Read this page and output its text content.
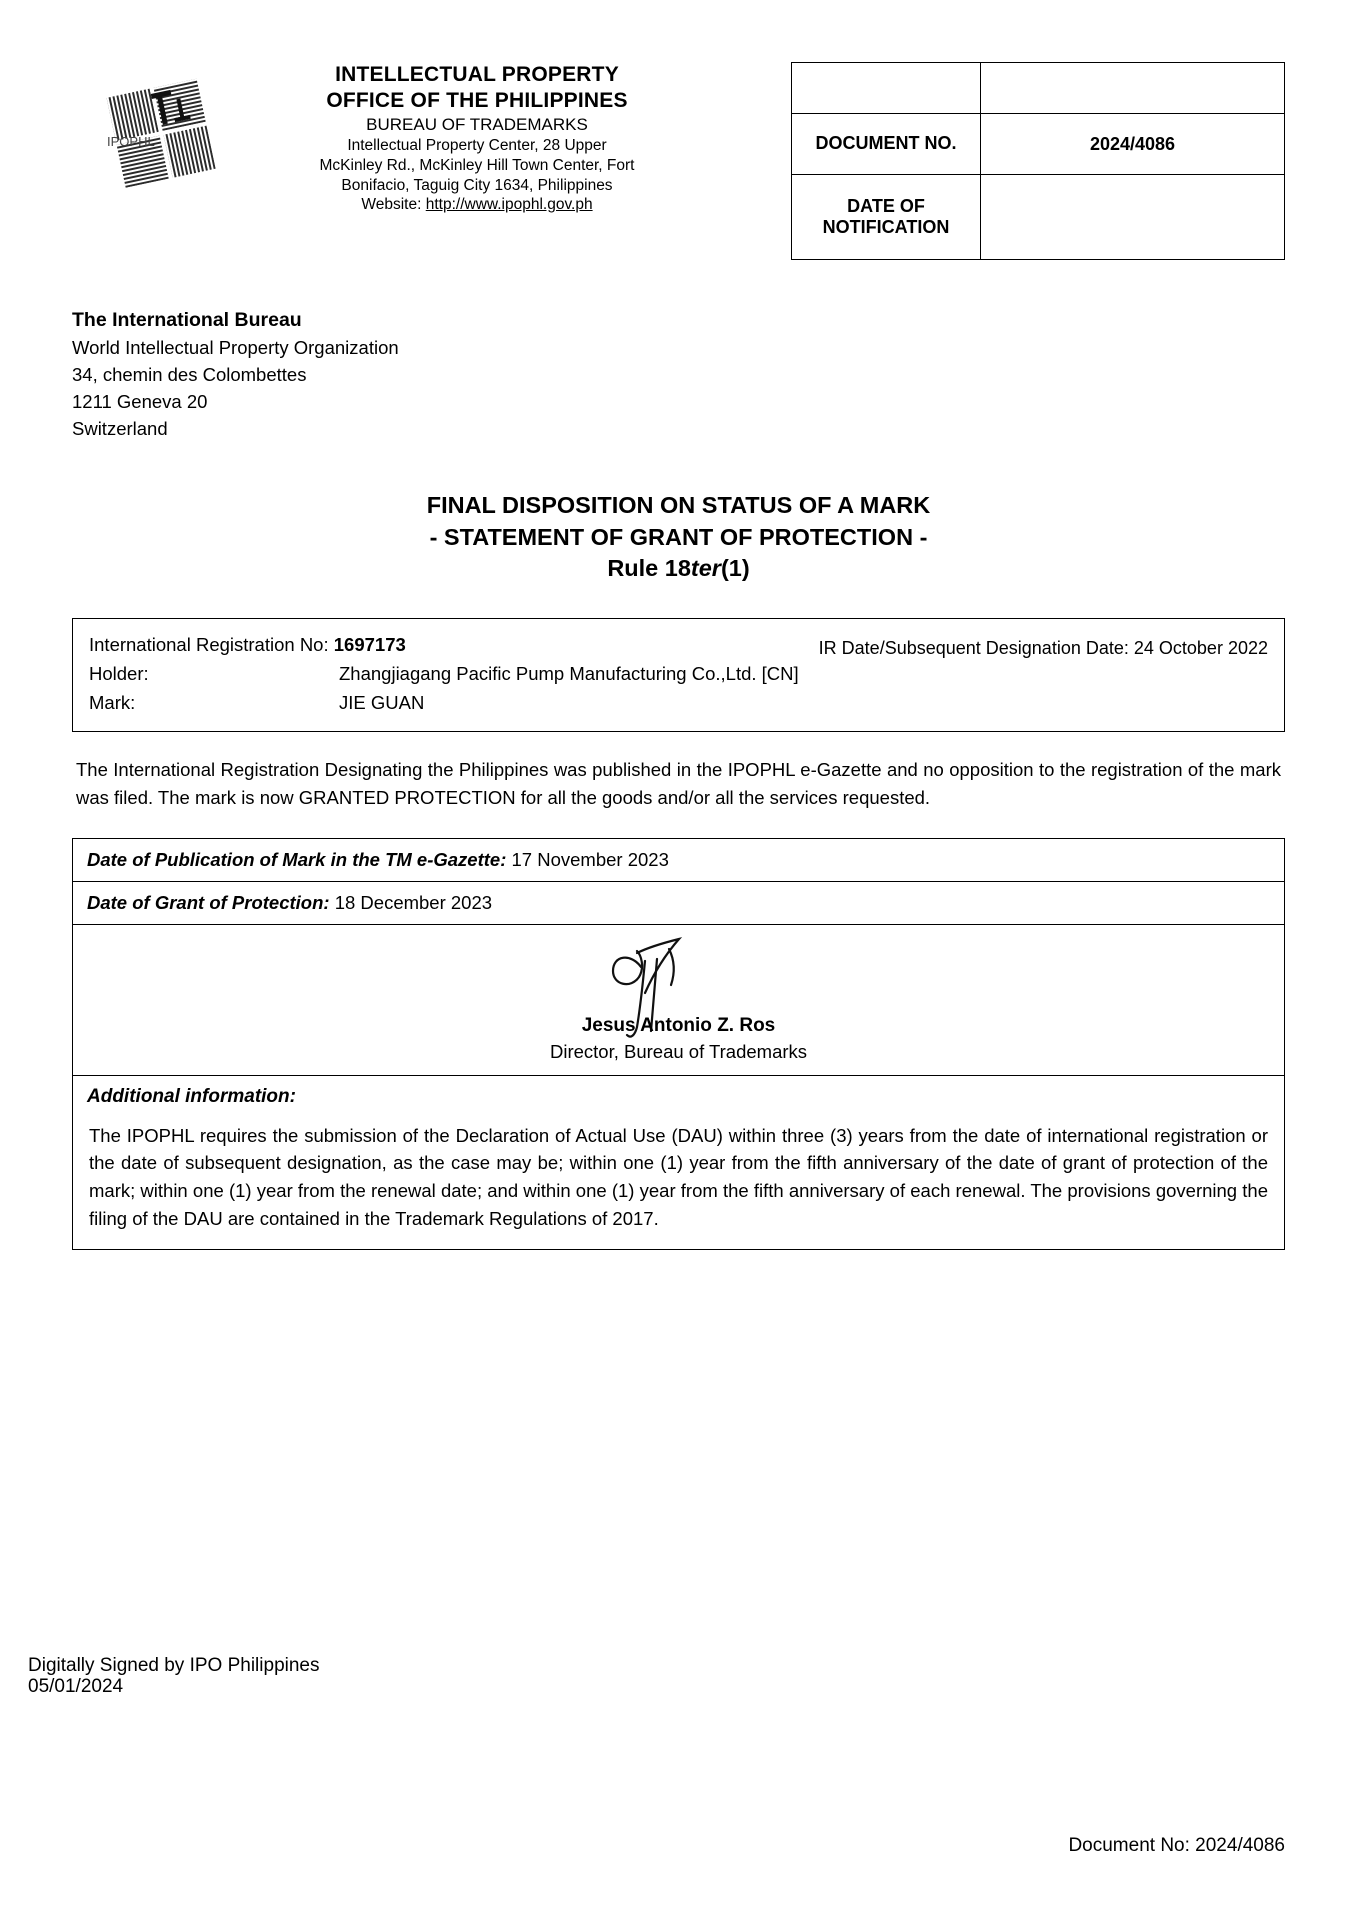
IPOPHL
INTELLECTUAL PROPERTY
OFFICE OF THE PHILIPPINES
BUREAU OF TRADEMARKS
Intellectual Property Center, 28 Upper
McKinley Rd., McKinley Hill Town Center, Fort
Bonifacio, Taguig City 1634, Philippines
Website: http://www.ipophl.gov.ph

DOCUMENT NO.	2024/4086
DATE OF NOTIFICATION	
The International Bureau
World Intellectual Property Organization
34, chemin des Colombettes
1211 Geneva 20
Switzerland
FINAL DISPOSITION ON STATUS OF A MARK
- STATEMENT OF GRANT OF PROTECTION -
Rule 18ter(1)
International Registration No: 1697173	IR Date/Subsequent Designation Date: 24 October 2022
Holder:	Zhangjiagang Pacific Pump Manufacturing Co.,Ltd. [CN]
Mark:	JIE GUAN
The International Registration Designating the Philippines was published in the IPOPHL e-Gazette and no opposition to the registration of the mark was filed. The mark is now GRANTED PROTECTION for all the goods and/or all the services requested.
Date of Publication of Mark in the TM e-Gazette: 17 November 2023
Date of Grant of Protection: 18 December 2023
Jesus Antonio Z. Ros
Director, Bureau of Trademarks
Additional information:
The IPOPHL requires the submission of the Declaration of Actual Use (DAU) within three (3) years from the date of international registration or the date of subsequent designation, as the case may be; within one (1) year from the fifth anniversary of the date of grant of protection of the mark; within one (1) year from the renewal date; and within one (1) year from the fifth anniversary of each renewal. The provisions governing the filing of the DAU are contained in the Trademark Regulations of 2017.
Digitally Signed by IPO Philippines
05/01/2024
Document No: 2024/4086
